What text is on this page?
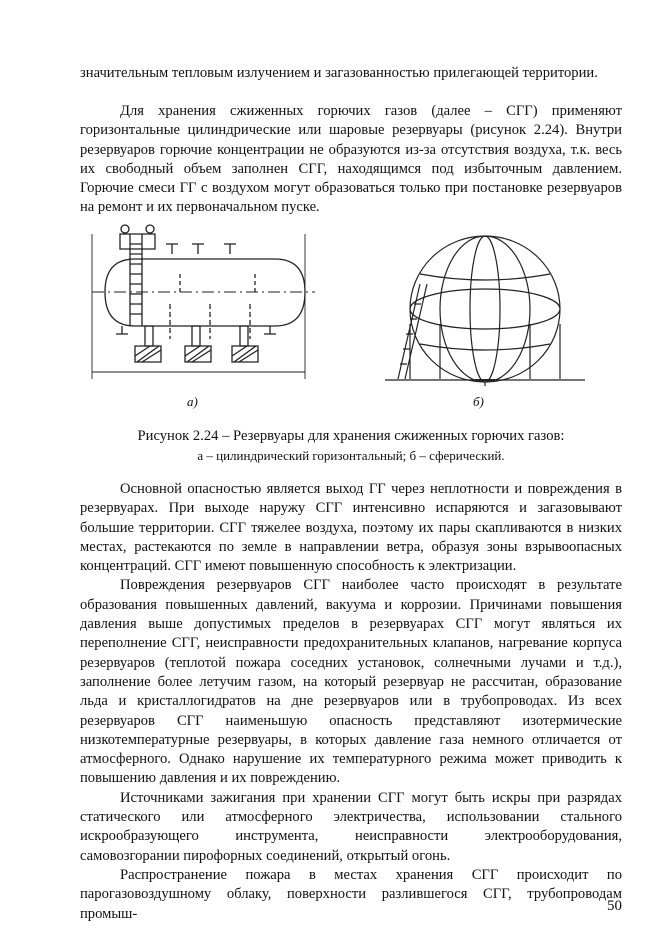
значительным тепловым излучением и загазованностью прилегающей территории.

Для хранения сжиженных горючих газов (далее – СГГ) применяют горизонтальные цилиндрические или шаровые резервуары (рисунок 2.24). Внутри резервуаров горючие концентрации не образуются из-за отсутствия воздуха, т.к. весь их свободный объем заполнен СГГ, находящимся под избыточным давлением. Горючие смеси ГГ с воздухом могут образоваться только при постановке резервуаров на ремонт и их первоначальном пуске.

а)	б)
Рисунок 2.24 – Резервуары для хранения сжиженных горючих газов:
а – цилиндрический горизонтальный; б – сферический.

Основной опасностью является выход ГГ через неплотности и повреждения в резервуарах. При выходе наружу СГГ интенсивно испаряются и загазовывают большие территории. СГГ тяжелее воздуха, поэтому их пары скапливаются в низких местах, растекаются по земле в направлении ветра, образуя зоны взрывоопасных концентраций. СГГ имеют повышенную способность к электризации.

Повреждения резервуаров СГГ наиболее часто происходят в результате образования повышенных давлений, вакуума и коррозии. Причинами повышения давления выше допустимых пределов в резервуарах СГГ могут являться их переполнение СГГ, неисправности предохранительных клапанов, нагревание корпуса резервуаров (теплотой пожара соседних установок, солнечными лучами и т.д.), заполнение более летучим газом, на который резервуар не рассчитан, образование льда и кристаллогидратов на дне резервуаров или в трубопроводах. Из всех резервуаров СГГ наименьшую опасность представляют изотермические низкотемпературные резервуары, в которых давление газа немного отличается от атмосферного. Однако нарушение их температурного режима может приводить к повышению давления и их повреждению.

Источниками зажигания при хранении СГГ могут быть искры при разрядах статического или атмосферного электричества, использовании стального искрообразующего инструмента, неисправности электрооборудования, самовозгорании пирофорных соединений, открытый огонь.

Распространение пожара в местах хранения СГГ происходит по парогазовоздушному облаку, поверхности разлившегося СГГ, трубопроводам промыш-	50
